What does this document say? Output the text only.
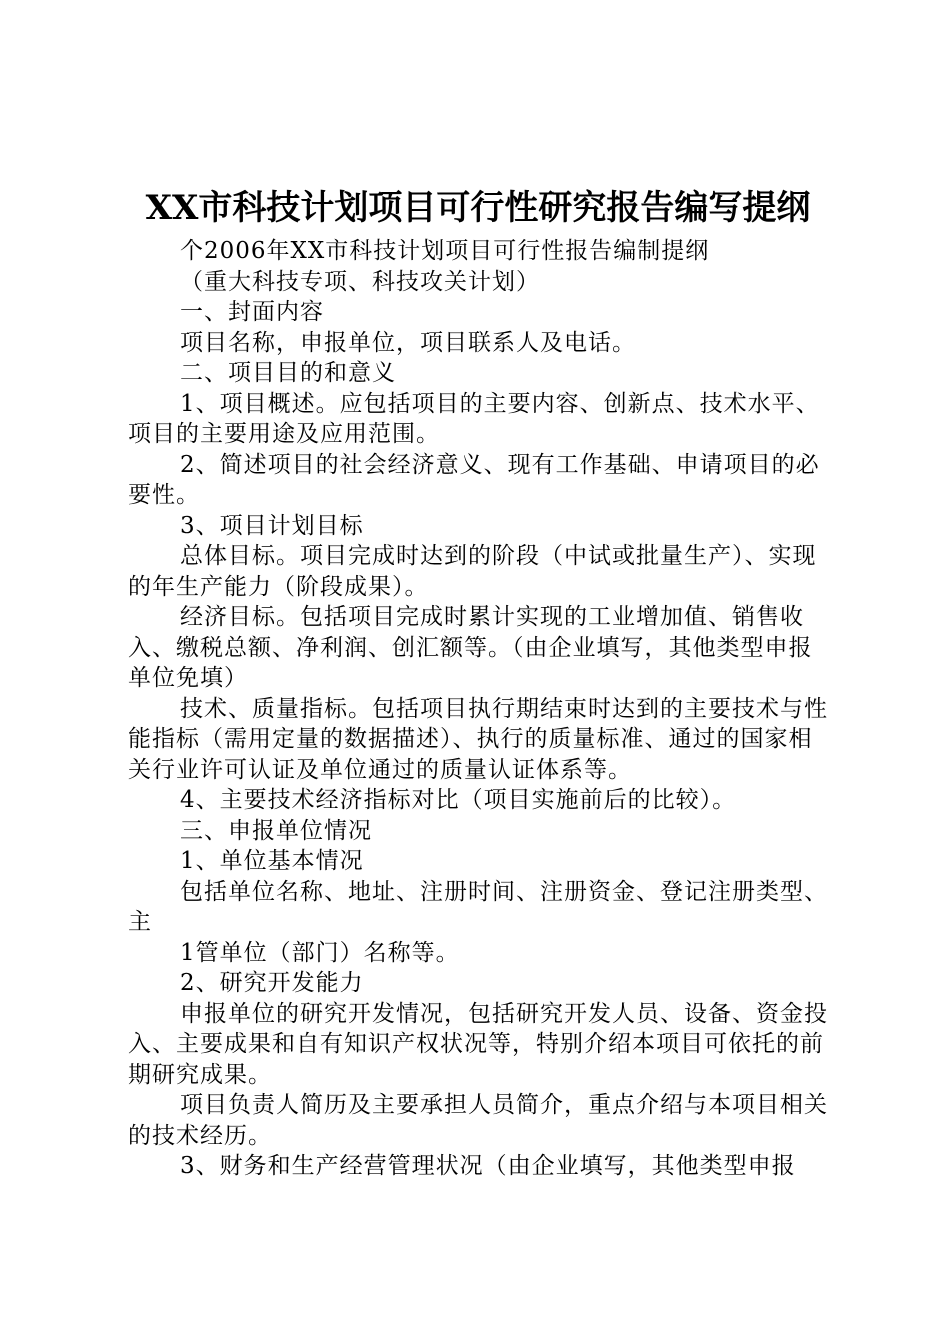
XX市科技计划项目可行性研究报告编写提纲

个2006年XX市科技计划项目可行性报告编制提纲

（重大科技专项、科技攻关计划）

一、封面内容

项目名称，申报单位，项目联系人及电话。

二、项目目的和意义

1、项目概述。应包括项目的主要内容、创新点、技术水平、项目的主要用途及应用范围。

2、简述项目的社会经济意义、现有工作基础、申请项目的必要性。

3、项目计划目标

总体目标。项目完成时达到的阶段（中试或批量生产）、实现的年生产能力（阶段成果）。

经济目标。包括项目完成时累计实现的工业增加值、销售收入、缴税总额、净利润、创汇额等。（由企业填写，其他类型申报单位免填）

技术、质量指标。包括项目执行期结束时达到的主要技术与性能指标（需用定量的数据描述）、执行的质量标准、通过的国家相关行业许可认证及单位通过的质量认证体系等。

4、主要技术经济指标对比（项目实施前后的比较）。

三、申报单位情况

1、单位基本情况

包括单位名称、地址、注册时间、注册资金、登记注册类型、主

1管单位（部门）名称等。

2、研究开发能力

申报单位的研究开发情况，包括研究开发人员、设备、资金投入、主要成果和自有知识产权状况等，特别介绍本项目可依托的前期研究成果。

项目负责人简历及主要承担人员简介，重点介绍与本项目相关的技术经历。

3、财务和生产经营管理状况（由企业填写，其他类型申报
